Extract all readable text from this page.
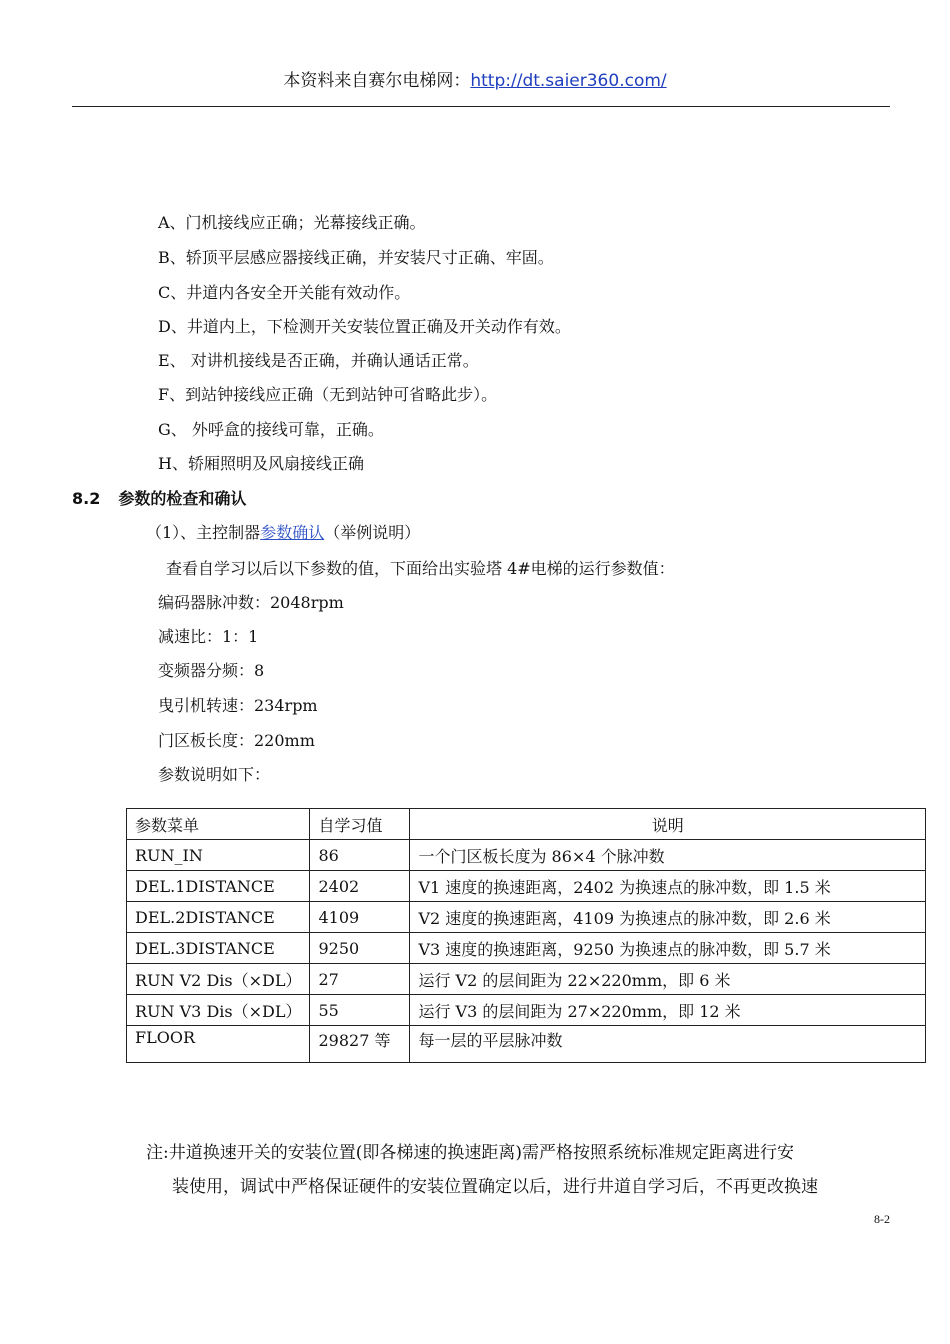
本资料来自赛尔电梯网：http://dt.saier360.com/
A、门机接线应正确；光幕接线正确。
B、轿顶平层感应器接线正确，并安装尺寸正确、牢固。
C、井道内各安全开关能有效动作。
D、井道内上，下检测开关安装位置正确及开关动作有效。
E、 对讲机接线是否正确，并确认通话正常。
F、到站钟接线应正确（无到站钟可省略此步）。
G、 外呼盒的接线可靠，正确。
H、轿厢照明及风扇接线正确
8.2 参数的检查和确认
（1）、主控制器参数确认（举例说明）
查看自学习以后以下参数的值，下面给出实验塔 4#电梯的运行参数值：
编码器脉冲数：2048rpm
减速比：1：1
变频器分频：8
曳引机转速：234rpm
门区板长度：220mm
参数说明如下：
参数菜单	自学习值	说明
RUN_IN	86	一个门区板长度为 86×4 个脉冲数
DEL.1DISTANCE	2402	V1 速度的换速距离，2402 为换速点的脉冲数，即 1.5 米
DEL.2DISTANCE	4109	V2 速度的换速距离，4109 为换速点的脉冲数，即 2.6 米
DEL.3DISTANCE	9250	V3 速度的换速距离，9250 为换速点的脉冲数，即 5.7 米
RUN V2 Dis（×DL）	27	运行 V2 的层间距为 22×220mm，即 6 米
RUN V3 Dis（×DL）	55	运行 V3 的层间距为 27×220mm，即 12 米
FLOOR	29827 等	每一层的平层脉冲数
注:井道换速开关的安装位置(即各梯速的换速距离)需严格按照系统标准规定距离进行安
装使用，调试中严格保证硬件的安装位置确定以后，进行井道自学习后，不再更改换速
8-2
